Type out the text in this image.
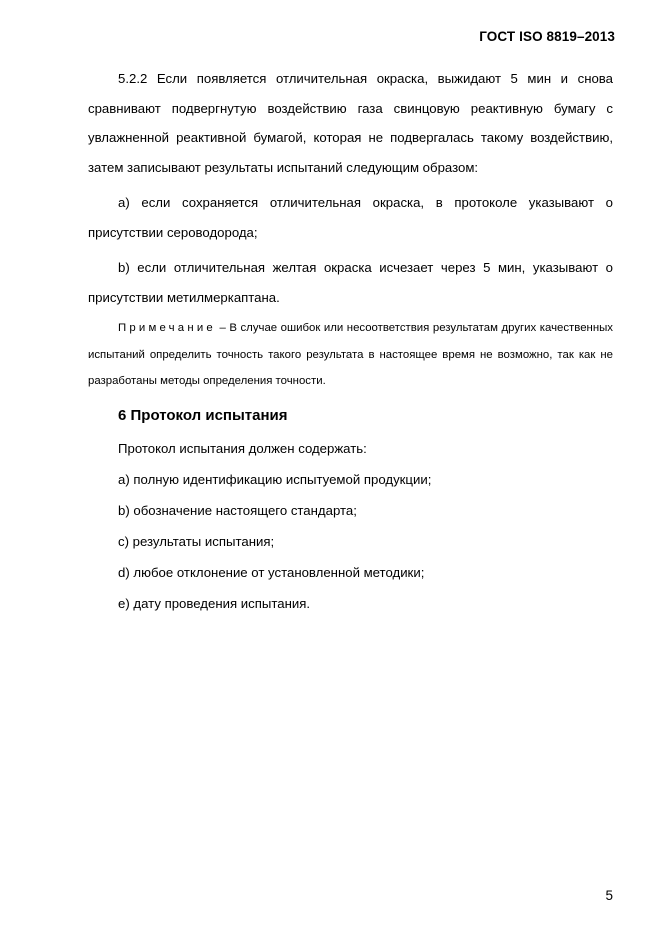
ГОСТ ISO 8819–2013

5.2.2 Если появляется отличительная окраска, выжидают 5 мин и снова сравнивают подвергнутую воздействию газа свинцовую реактивную бумагу с увлажненной реактивной бумагой, которая не подвергалась такому воздействию, затем записывают результаты испытаний следующим образом:

a) если сохраняется отличительная окраска, в протоколе указывают о присутствии сероводорода;

b) если отличительная желтая окраска исчезает через 5 мин, указывают о присутствии метилмеркаптана.

Примечание – В случае ошибок или несоответствия результатам других качественных испытаний определить точность такого результата в настоящее время не возможно, так как не разработаны методы определения точности.

6 Протокол испытания

Протокол испытания должен содержать:

a) полную идентификацию испытуемой продукции;

b) обозначение настоящего стандарта;

c) результаты испытания;

d) любое отклонение от установленной методики;

e) дату проведения испытания.

5
